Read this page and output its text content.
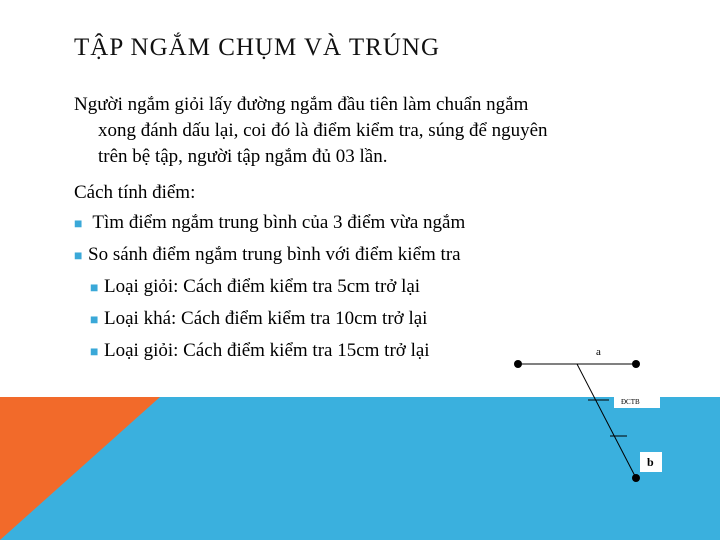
TẬP NGẮM CHỤM VÀ TRÚNG
Người ngắm giỏi lấy đường ngắm đầu tiên làm chuẩn ngắm
xong đánh dấu lại, coi đó là điểm kiểm tra, súng để nguyên
trên bệ tập, người tập ngắm đủ 03 lần.
Cách tính điểm:
■ Tìm điểm ngắm trung bình của 3 điểm vừa ngắm
■ So sánh điểm ngắm trung bình với điểm kiểm tra
■ Loại giỏi: Cách điểm kiểm tra 5cm trở lại
■ Loại khá: Cách điểm kiểm tra 10cm trở lại
■ Loại giỏi: Cách điểm kiểm tra 15cm trở lại	a
ĐCTB
b
